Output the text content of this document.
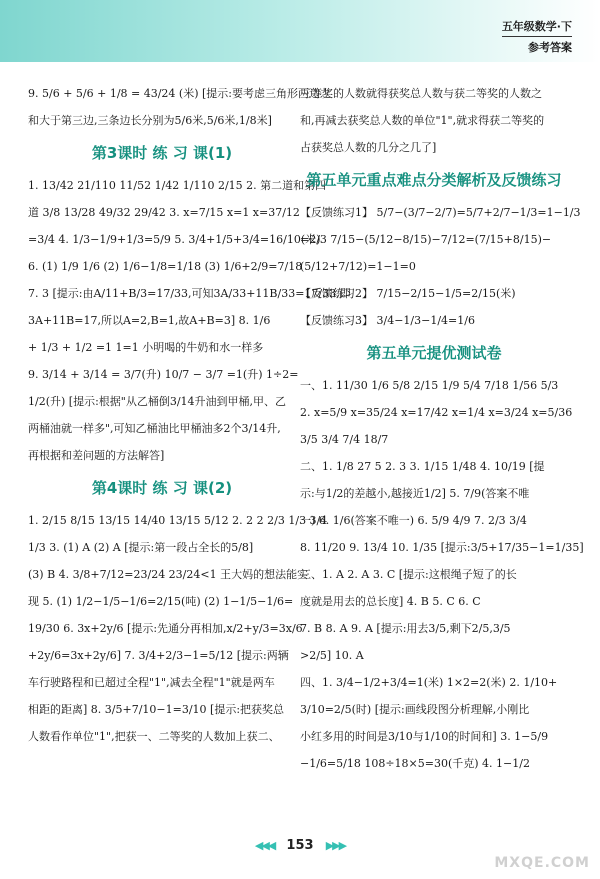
五年级数学·下
参考答案
9. 5/6 + 5/6 + 1/8 = 43/24 (米) [提示:要考虑三角形两边之
和大于第三边,三条边长分别为5/6米,5/6米,1/8米]
第3课时 练 习 课(1)
1. 13/42 21/110 11/52 1/42 1/110 2/15 2. 第二道和第四
道 3/8 13/28 49/32 29/42 3. x=7/15 x=1 x=37/12
=3/4 4. 1/3−1/9+1/3=5/9 5. 3/4+1/5+3/4=16/10(米)
6. (1) 1/9 1/6 (2) 1/6−1/8=1/18 (3) 1/6+2/9=7/18
7. 3 [提示:由A/11+B/3=17/33,可知3A/33+11B/33=17/33,即
3A+11B=17,所以A=2,B=1,故A+B=3] 8. 1/6
+ 1/3 + 1/2 =1 1=1 小明喝的牛奶和水一样多
9. 3/14 + 3/14 = 3/7(升) 10/7 − 3/7 =1(升) 1÷2=
1/2(升) [提示:根据"从乙桶倒3/14升油到甲桶,甲、乙
两桶油就一样多",可知乙桶油比甲桶油多2个3/14升,
再根据和差问题的方法解答]
第4课时 练 习 课(2)
1. 2/15 8/15 13/15 14/40 13/15 5/12 2. 2 2 2/3 1/3 3/4
1/3 3. (1) A (2) A [提示:第一段占全长的5/8]
(3) B 4. 3/8+7/12=23/24 23/24<1 王大妈的想法能实
现 5. (1) 1/2−1/5−1/6=2/15(吨) (2) 1−1/5−1/6=
19/30 6. 3x+2y/6 [提示:先通分再相加,x/2+y/3=3x/6
+2y/6=3x+2y/6] 7. 3/4+2/3−1=5/12 [提示:两辆
车行驶路程和已超过全程"1",减去全程"1"就是两车
相距的距离] 8. 3/5+7/10−1=3/10 [提示:把获奖总
人数看作单位"1",把获一、二等奖的人数加上获二、
三等奖的人数就得获奖总人数与获二等奖的人数之
和,再减去获奖总人数的单位"1",就求得获二等奖的
占获奖总人数的几分之几了]
第五单元重点难点分类解析及反馈练习
【反馈练习1】 5/7−(3/7−2/7)=5/7+2/7−1/3=1−1/3
=2/3 7/15−(5/12−8/15)−7/12=(7/15+8/15)−
(5/12+7/12)=1−1=0
【反馈练习2】 7/15−2/15−1/5=2/15(米)
【反馈练习3】 3/4−1/3−1/4=1/6
第五单元提优测试卷
一、1. 11/30 1/6 5/8 2/15 1/9 5/4 7/18 1/56 5/3
2. x=5/9 x=35/24 x=17/42 x=1/4 x=3/24 x=5/36
3/5 3/4 7/4 18/7
二、1. 1/8 27 5 2. 3 3. 1/15 1/48 4. 10/19 [提
示:与1/2的差越小,越接近1/2] 5. 7/9(答案不唯
一) 6. 1/6(答案不唯一) 6. 5/9 4/9 7. 2/3 3/4
8. 11/20 9. 13/4 10. 1/35 [提示:3/5+17/35−1=1/35]
三、1. A 2. A 3. C [提示:这根绳子短了的长
度就是用去的总长度] 4. B 5. C 6. C
7. B 8. A 9. A [提示:用去3/5,剩下2/5,3/5
>2/5] 10. A
四、1. 3/4−1/2+3/4=1(米) 1×2=2(米) 2. 1/10+
3/10=2/5(时) [提示:画线段图分析理解,小刚比
小红多用的时间是3/10与1/10的时间和] 3. 1−5/9
−1/6=5/18 108÷18×5=30(千克) 4. 1−1/2
◀◀◀ 153 ▶▶▶
MXQE.COM
